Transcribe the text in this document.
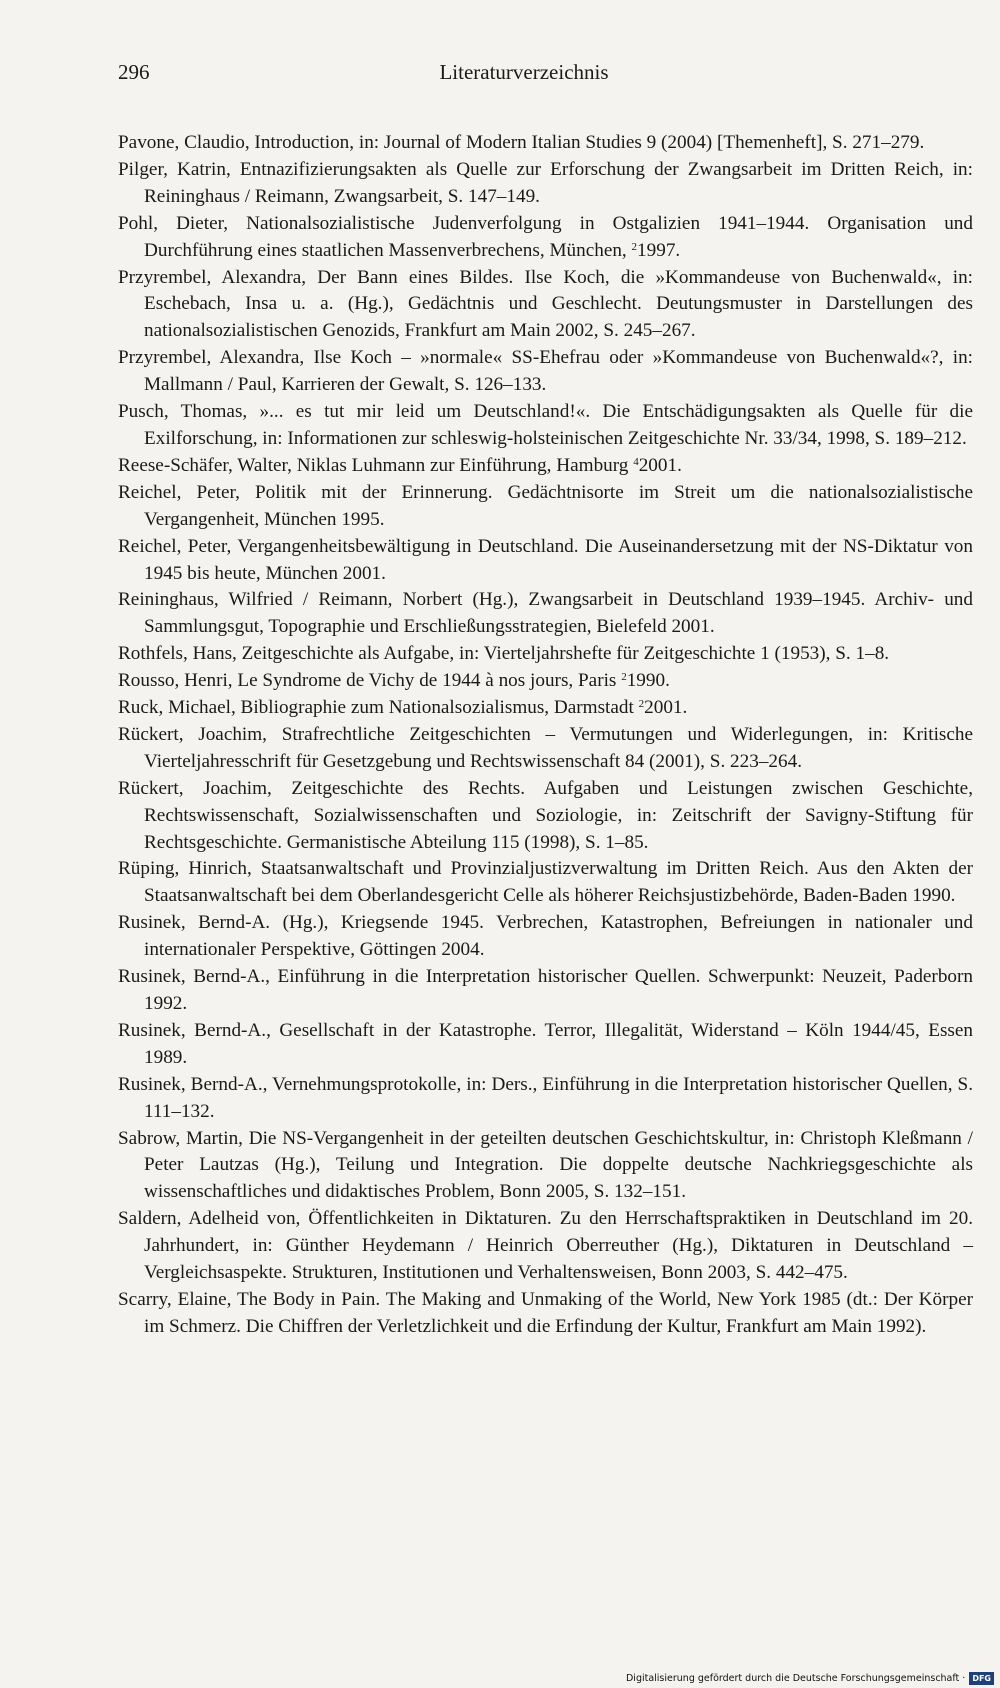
296	Literaturverzeichnis

Pavone, Claudio, Introduction, in: Journal of Modern Italian Studies 9 (2004) [Themenheft], S. 271–279.

Pilger, Katrin, Entnazifizierungsakten als Quelle zur Erforschung der Zwangsarbeit im Dritten Reich, in: Reininghaus / Reimann, Zwangsarbeit, S. 147–149.

Pohl, Dieter, Nationalsozialistische Judenverfolgung in Ostgalizien 1941–1944. Organisation und Durchführung eines staatlichen Massenverbrechens, München, $^2$1997.

Przyrembel, Alexandra, Der Bann eines Bildes. Ilse Koch, die »Kommandeuse von Buchenwald«, in: Eschebach, Insa u. a. (Hg.), Gedächtnis und Geschlecht. Deutungsmuster in Darstellungen des nationalsozialistischen Genozids, Frankfurt am Main 2002, S. 245–267.

Przyrembel, Alexandra, Ilse Koch – »normale« SS-Ehefrau oder »Kommandeuse von Buchenwald«?, in: Mallmann / Paul, Karrieren der Gewalt, S. 126–133.

Pusch, Thomas, »... es tut mir leid um Deutschland!«. Die Entschädigungsakten als Quelle für die Exilforschung, in: Informationen zur schleswig-holsteinischen Zeitgeschichte Nr. 33/34, 1998, S. 189–212.

Reese-Schäfer, Walter, Niklas Luhmann zur Einführung, Hamburg $^4$2001.

Reichel, Peter, Politik mit der Erinnerung. Gedächtnisorte im Streit um die nationalsozialistische Vergangenheit, München 1995.

Reichel, Peter, Vergangenheitsbewältigung in Deutschland. Die Auseinandersetzung mit der NS-Diktatur von 1945 bis heute, München 2001.

Reininghaus, Wilfried / Reimann, Norbert (Hg.), Zwangsarbeit in Deutschland 1939–1945. Archiv- und Sammlungsgut, Topographie und Erschließungsstrategien, Bielefeld 2001.

Rothfels, Hans, Zeitgeschichte als Aufgabe, in: Vierteljahrshefte für Zeitgeschichte 1 (1953), S. 1–8.

Rousso, Henri, Le Syndrome de Vichy de 1944 à nos jours, Paris $^2$1990.

Ruck, Michael, Bibliographie zum Nationalsozialismus, Darmstadt $^2$2001.

Rückert, Joachim, Strafrechtliche Zeitgeschichten – Vermutungen und Widerlegungen, in: Kritische Vierteljahresschrift für Gesetzgebung und Rechtswissenschaft 84 (2001), S. 223–264.

Rückert, Joachim, Zeitgeschichte des Rechts. Aufgaben und Leistungen zwischen Geschichte, Rechtswissenschaft, Sozialwissenschaften und Soziologie, in: Zeitschrift der Savigny-Stiftung für Rechtsgeschichte. Germanistische Abteilung 115 (1998), S. 1–85.

Rüping, Hinrich, Staatsanwaltschaft und Provinzialjustizverwaltung im Dritten Reich. Aus den Akten der Staatsanwaltschaft bei dem Oberlandesgericht Celle als höherer Reichsjustizbehörde, Baden-Baden 1990.

Rusinek, Bernd-A. (Hg.), Kriegsende 1945. Verbrechen, Katastrophen, Befreiungen in nationaler und internationaler Perspektive, Göttingen 2004.

Rusinek, Bernd-A., Einführung in die Interpretation historischer Quellen. Schwerpunkt: Neuzeit, Paderborn 1992.

Rusinek, Bernd-A., Gesellschaft in der Katastrophe. Terror, Illegalität, Widerstand – Köln 1944/45, Essen 1989.

Rusinek, Bernd-A., Vernehmungsprotokolle, in: Ders., Einführung in die Interpretation historischer Quellen, S. 111–132.

Sabrow, Martin, Die NS-Vergangenheit in der geteilten deutschen Geschichtskultur, in: Christoph Kleßmann / Peter Lautzas (Hg.), Teilung und Integration. Die doppelte deutsche Nachkriegsgeschichte als wissenschaftliches und didaktisches Problem, Bonn 2005, S. 132–151.

Saldern, Adelheid von, Öffentlichkeiten in Diktaturen. Zu den Herrschaftspraktiken in Deutschland im 20. Jahrhundert, in: Günther Heydemann / Heinrich Oberreuther (Hg.), Diktaturen in Deutschland – Vergleichsaspekte. Strukturen, Institutionen und Verhaltensweisen, Bonn 2003, S. 442–475.

Scarry, Elaine, The Body in Pain. The Making and Unmaking of the World, New York 1985 (dt.: Der Körper im Schmerz. Die Chiffren der Verletzlichkeit und die Erfindung der Kultur, Frankfurt am Main 1992).

Digitalisierung gefördert durch die Deutsche Forschungsgemeinschaft · DFG
